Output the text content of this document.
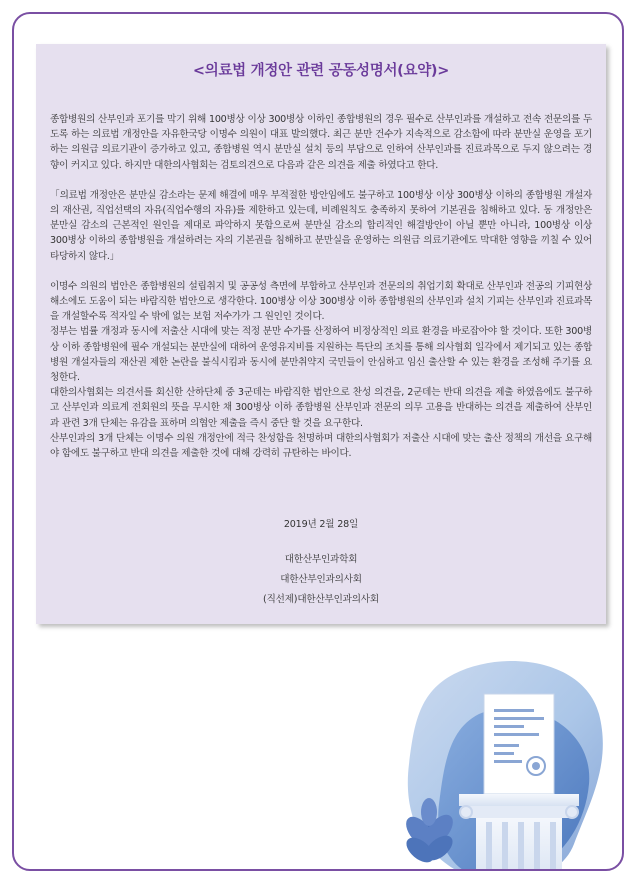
<의료법 개정안 관련 공동성명서(요약)>

종합병원의 산부인과 포기를 막기 위해 100병상 이상 300병상 이하인 종합병원의 경우 필수로 산부인과를 개설하고 전속 전문의를 두도록 하는 의료법 개정안을 자유한국당 이명수 의원이 대표 발의했다. 최근 분만 건수가 지속적으로 감소함에 따라 분만실 운영을 포기하는 의원급 의료기관이 증가하고 있고, 종합병원 역시 분만실 설치 등의 부담으로 인하여 산부인과를 진료과목으로 두지 않으려는 경향이 커지고 있다. 하지만 대한의사협회는 검토의견으로 다음과 같은 의견을 제출 하였다고 한다.

「의료법 개정안은 분만실 감소라는 문제 해결에 매우 부적절한 방안임에도 불구하고 100병상 이상 300병상 이하의 종합병원 개설자의 재산권, 직업선택의 자유(직업수행의 자유)를 제한하고 있는데, 비례원칙도 충족하지 못하여 기본권을 침해하고 있다. 동 개정안은 분만실 감소의 근본적인 원인을 제대로 파악하지 못함으로써 분만실 감소의 합리적인 해결방안이 아닐 뿐만 아니라, 100병상 이상 300병상 이하의 종합병원을 개설하려는 자의 기본권을 침해하고 분만실을 운영하는 의원급 의료기관에도 막대한 영향을 끼칠 수 있어 타당하지 않다.」

이명수 의원의 법안은 종합병원의 설립취지 및 공공성 측면에 부합하고 산부인과 전문의의 취업기회 확대로 산부인과 전공의 기피현상 해소에도 도움이 되는 바람직한 법안으로 생각한다. 100병상 이상 300병상 이하 종합병원의 산부인과 설치 기피는 산부인과 진료과목을 개설할수록 적자일 수 밖에 없는 보험 저수가가 그 원인인 것이다.

정부는 법률 개정과 동시에 저출산 시대에 맞는 적정 분만 수가를 산정하여 비정상적인 의료 환경을 바로잡아야 할 것이다. 또한 300병상 이하 종합병원에 필수 개설되는 분만실에 대하여 운영유지비를 지원하는 특단의 조치를 통해 의사협회 일각에서 제기되고 있는 종합병원 개설자들의 재산권 제한 논란을 불식시킴과 동시에 분만취약지 국민들이 안심하고 임신 출산할 수 있는 환경을 조성해 주기를 요청한다.

대한의사협회는 의견서를 회신한 산하단체 중 3군데는 바람직한 법안으로 찬성 의견을, 2군데는 반대 의견을 제출 하였음에도 불구하고 산부인과 의료계 전회원의 뜻을 무시한 채 300병상 이하 종합병원 산부인과 전문의 의무 고용을 반대하는 의견을 제출하여 산부인과 관련 3개 단체는 유감을 표하며 의협안 제출을 즉시 중단 할 것을 요구한다.

산부인과의 3개 단체는 이명수 의원 개정안에 적극 찬성함을 천명하며 대한의사협회가 저출산 시대에 맞는 출산 정책의 개선을 요구해야 함에도 불구하고 반대 의견을 제출한 것에 대해 강력히 규탄하는 바이다.

2019년 2월 28일
대한산부인과학회
대한산부인과의사회
(직선제)대한산부인과의사회
